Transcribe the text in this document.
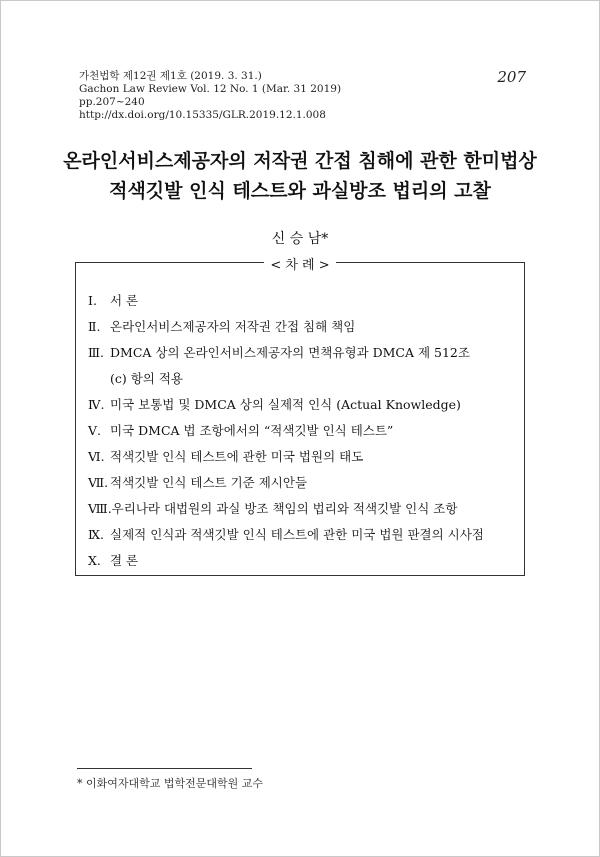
가천법학 제12권 제1호 (2019. 3. 31.)
Gachon Law Review Vol. 12 No. 1 (Mar. 31 2019)
pp.207~240
http://dx.doi.org/10.15335/GLR.2019.12.1.008
207
온라인서비스제공자의 저작권 간접 침해에 관한 한미법상
적색깃발 인식 테스트와 과실방조 법리의 고찰
신 승 남*
< 차 례 >
Ⅰ.	서 론
Ⅱ. 온라인서비스제공자의 저작권 간접 침해 책임
Ⅲ. DMCA 상의 온라인서비스제공자의 면책유형과 DMCA 제 512조
(c) 항의 적용
Ⅳ. 미국 보통법 및 DMCA 상의 실제적 인식 (Actual Knowledge)
Ⅴ. 미국 DMCA 법 조항에서의 “적색깃발 인식 테스트”
Ⅵ. 적색깃발 인식 테스트에 관한 미국 법원의 태도
Ⅶ. 적색깃발 인식 테스트 기준 제시안들
Ⅷ. 우리나라 대법원의 과실 방조 책임의 법리와 적색깃발 인식 조항
Ⅸ. 실제적 인식과 적색깃발 인식 테스트에 관한 미국 법원 판결의 시사점
Ⅹ. 결 론
* 이화여자대학교 법학전문대학원 교수
